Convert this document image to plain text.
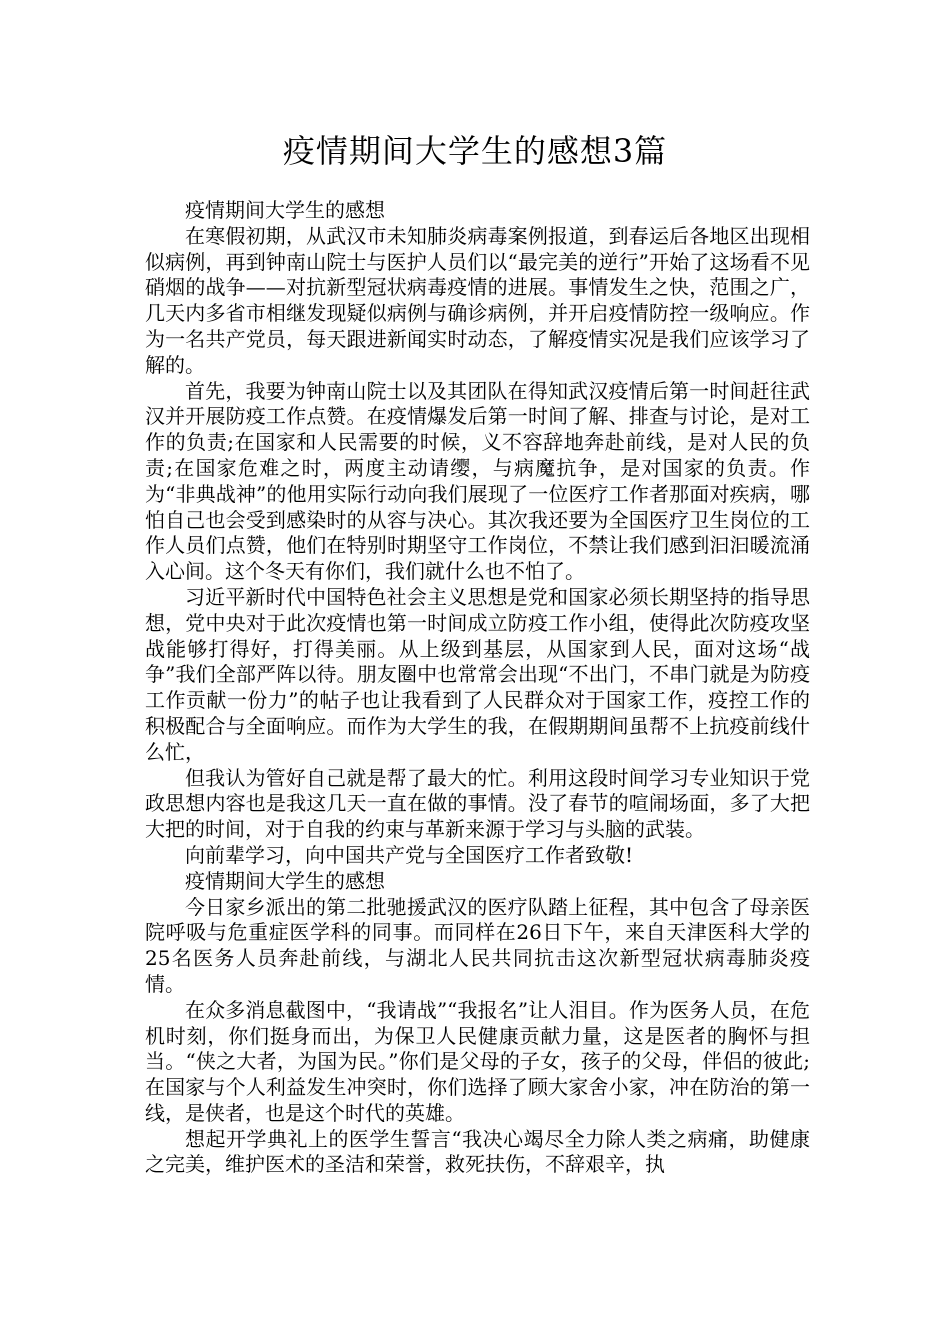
疫情期间大学生的感想3篇

疫情期间大学生的感想

在寒假初期，从武汉市未知肺炎病毒案例报道，到春运后各地区出现相似病例，再到钟南山院士与医护人员们以“最完美的逆行”开始了这场看不见硝烟的战争——对抗新型冠状病毒疫情的进展。事情发生之快，范围之广，几天内多省市相继发现疑似病例与确诊病例，并开启疫情防控一级响应。作为一名共产党员，每天跟进新闻实时动态，了解疫情实况是我们应该学习了解的。

首先，我要为钟南山院士以及其团队在得知武汉疫情后第一时间赶往武汉并开展防疫工作点赞。在疫情爆发后第一时间了解、排查与讨论，是对工作的负责;在国家和人民需要的时候，义不容辞地奔赴前线，是对人民的负责;在国家危难之时，两度主动请缨，与病魔抗争，是对国家的负责。作为“非典战神”的他用实际行动向我们展现了一位医疗工作者那面对疾病，哪怕自己也会受到感染时的从容与决心。其次我还要为全国医疗卫生岗位的工作人员们点赞，他们在特别时期坚守工作岗位，不禁让我们感到汩汩暖流涌入心间。这个冬天有你们，我们就什么也不怕了。

习近平新时代中国特色社会主义思想是党和国家必须长期坚持的指导思想，党中央对于此次疫情也第一时间成立防疫工作小组，使得此次防疫攻坚战能够打得好，打得美丽。从上级到基层，从国家到人民，面对这场“战争”我们全部严阵以待。朋友圈中也常常会出现“不出门，不串门就是为防疫工作贡献一份力”的帖子也让我看到了人民群众对于国家工作，疫控工作的积极配合与全面响应。而作为大学生的我，在假期期间虽帮不上抗疫前线什么忙，

但我认为管好自己就是帮了最大的忙。利用这段时间学习专业知识于党政思想内容也是我这几天一直在做的事情。没了春节的喧闹场面，多了大把大把的时间，对于自我的约束与革新来源于学习与头脑的武装。

向前辈学习，向中国共产党与全国医疗工作者致敬!

疫情期间大学生的感想

今日家乡派出的第二批驰援武汉的医疗队踏上征程，其中包含了母亲医院呼吸与危重症医学科的同事。而同样在26日下午，来自天津医科大学的25名医务人员奔赴前线，与湖北人民共同抗击这次新型冠状病毒肺炎疫情。

在众多消息截图中，“我请战”“我报名”让人泪目。作为医务人员，在危机时刻，你们挺身而出，为保卫人民健康贡献力量，这是医者的胸怀与担当。“侠之大者，为国为民。”你们是父母的子女，孩子的父母，伴侣的彼此;在国家与个人利益发生冲突时，你们选择了顾大家舍小家，冲在防治的第一线，是侠者，也是这个时代的英雄。

想起开学典礼上的医学生誓言“我决心竭尽全力除人类之病痛，助健康之完美，维护医术的圣洁和荣誉，救死扶伤，不辞艰辛，执
